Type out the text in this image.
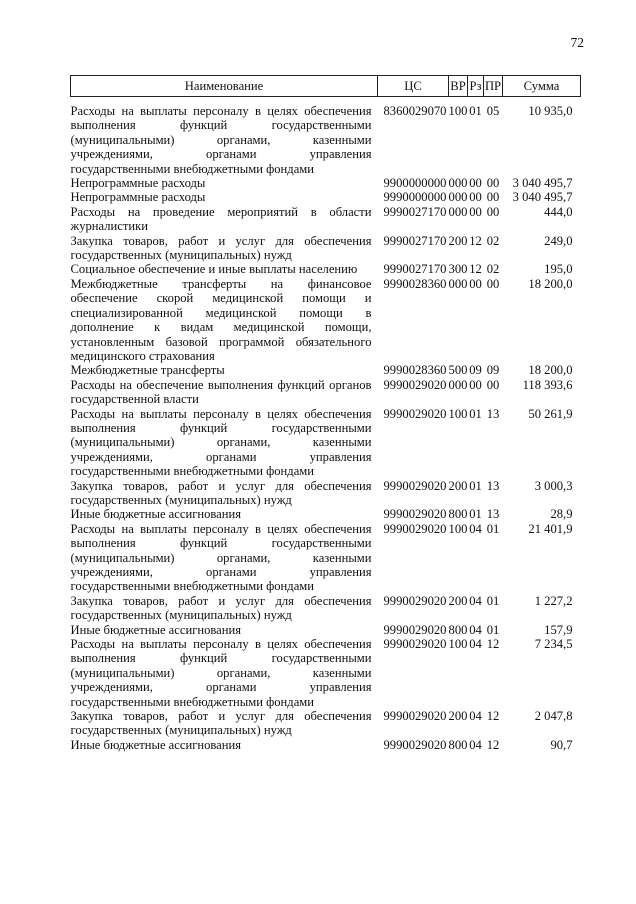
72
Наименование	ЦС	ВР	Рз	ПР	Сумма
Расходы на выплаты персоналу в целях обеспечения выполнения функций государственными (муниципальными) органами, казенными учреждениями, органами управления государственными внебюджетными фондами	8360029070	100	01	05	10 935,0
Непрограммные расходы	9900000000	000	00	00	3 040 495,7
Непрограммные расходы	9990000000	000	00	00	3 040 495,7
Расходы на проведение мероприятий в области журналистики	9990027170	000	00	00	444,0
Закупка товаров, работ и услуг для обеспечения государственных (муниципальных) нужд	9990027170	200	12	02	249,0
Социальное обеспечение и иные выплаты населению	9990027170	300	12	02	195,0
Межбюджетные трансферты на финансовое обеспечение скорой медицинской помощи и специализированной медицинской помощи в дополнение к видам медицинской помощи, установленным базовой программой обязательного медицинского страхования	9990028360	000	00	00	18 200,0
Межбюджетные трансферты	9990028360	500	09	09	18 200,0
Расходы на обеспечение выполнения функций органов государственной власти	9990029020	000	00	00	118 393,6
Расходы на выплаты персоналу в целях обеспечения выполнения функций государственными (муниципальными) органами, казенными учреждениями, органами управления государственными внебюджетными фондами	9990029020	100	01	13	50 261,9
Закупка товаров, работ и услуг для обеспечения государственных (муниципальных) нужд	9990029020	200	01	13	3 000,3
Иные бюджетные ассигнования	9990029020	800	01	13	28,9
Расходы на выплаты персоналу в целях обеспечения выполнения функций государственными (муниципальными) органами, казенными учреждениями, органами управления государственными внебюджетными фондами	9990029020	100	04	01	21 401,9
Закупка товаров, работ и услуг для обеспечения государственных (муниципальных) нужд	9990029020	200	04	01	1 227,2
Иные бюджетные ассигнования	9990029020	800	04	01	157,9
Расходы на выплаты персоналу в целях обеспечения выполнения функций государственными (муниципальными) органами, казенными учреждениями, органами управления государственными внебюджетными фондами	9990029020	100	04	12	7 234,5
Закупка товаров, работ и услуг для обеспечения государственных (муниципальных) нужд	9990029020	200	04	12	2 047,8
Иные бюджетные ассигнования	9990029020	800	04	12	90,7
